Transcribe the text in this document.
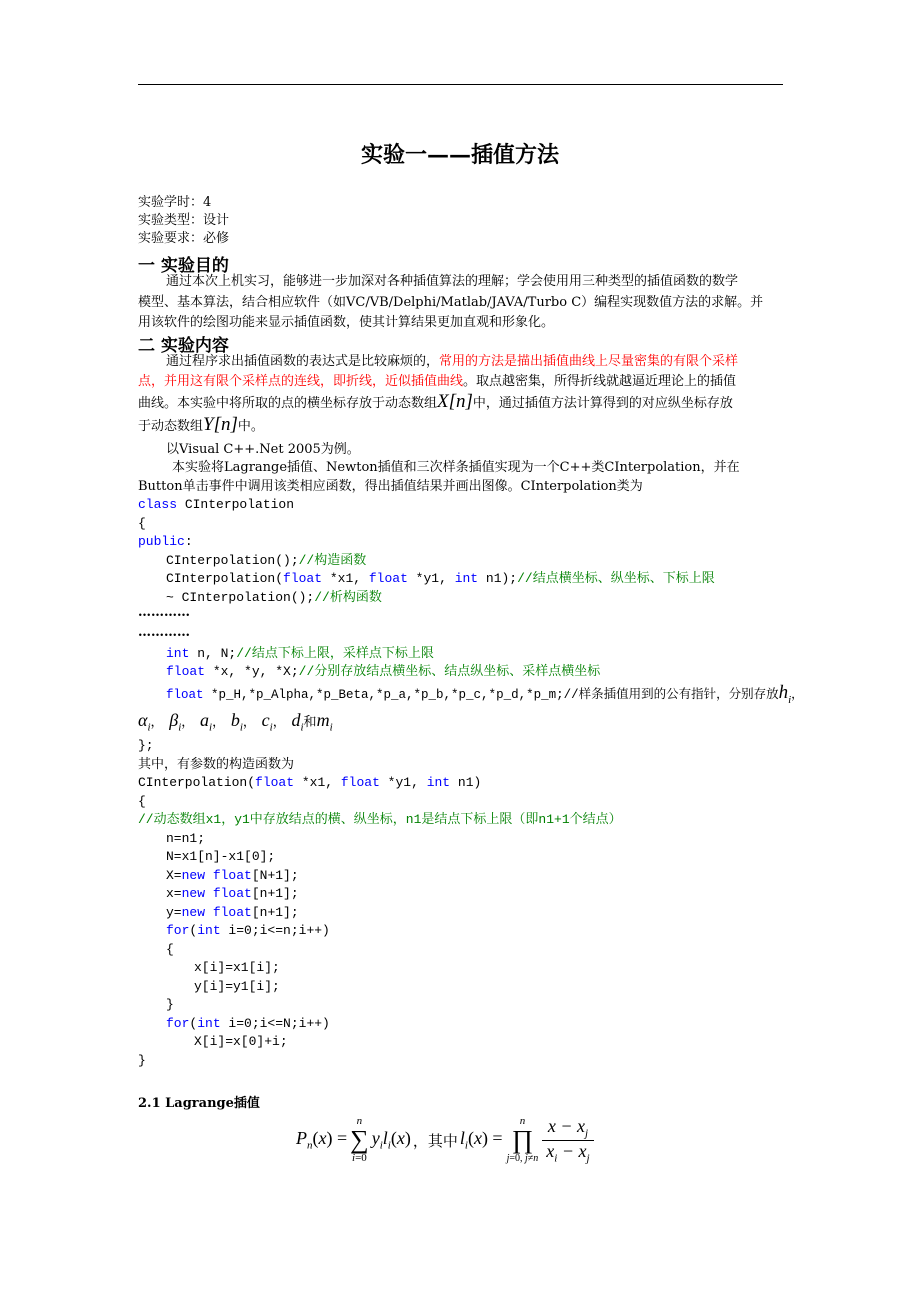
实验一——插值方法
实验学时：4
实验类型：设计
实验要求：必修
一 实验目的
通过本次上机实习，能够进一步加深对各种插值算法的理解；学会使用用三种类型的插值函数的数学
模型、基本算法，结合相应软件（如VC/VB/Delphi/Matlab/JAVA/Turbo C）编程实现数值方法的求解。并
用该软件的绘图功能来显示插值函数，使其计算结果更加直观和形象化。
二 实验内容
通过程序求出插值函数的表达式是比较麻烦的，常用的方法是描出插值曲线上尽量密集的有限个采样
点，并用这有限个采样点的连线，即折线，近似插值曲线。取点越密集，所得折线就越逼近理论上的插值
曲线。本实验中将所取的点的横坐标存放于动态数组X[n]中，通过插值方法计算得到的对应纵坐标存放
于动态数组Y[n]中。
以Visual C++.Net 2005为例。
本实验将Lagrange插值、Newton插值和三次样条插值实现为一个C++类CInterpolation，并在
Button单击事件中调用该类相应函数，得出插值结果并画出图像。CInterpolation类为
class CInterpolation
{
public:
CInterpolation();//构造函数
CInterpolation(float *x1, float *y1, int n1);//结点横坐标、纵坐标、下标上限
~ CInterpolation();//析构函数
…………
…………
int n, N;//结点下标上限，采样点下标上限
float *x, *y, *X;//分别存放结点横坐标、结点纵坐标、采样点横坐标
float *p_H,*p_Alpha,*p_Beta,*p_a,*p_b,*p_c,*p_d,*p_m;//样条插值用到的公有指针，分别存放$h_i$，
$\alpha_i$， $\beta_i$， $a_i$， $b_i$， $c_i$， $d_i$和$m_i$
};
其中，有参数的构造函数为
CInterpolation(float *x1, float *y1, int n1)
{
//动态数组x1，y1中存放结点的横、纵坐标，n1是结点下标上限（即n1+1个结点）
n=n1;
N=x1[n]-x1[0];
X=new float[N+1];
x=new float[n+1];
y=new float[n+1];
for(int i=0;i<=n;i++)
{
x[i]=x1[i];
y[i]=y1[i];
}
for(int i=0;i<=N;i++)
X[i]=x[0]+i;
}
2.1 Lagrange插值
$P_n(x)$ =
n
∑
i=0
$y_il_i(x)$ ，其中 $l_i(x)$ =
n
∏
j=0, $j\ne n \frac{x - x_j}{x_i - x_j}$
